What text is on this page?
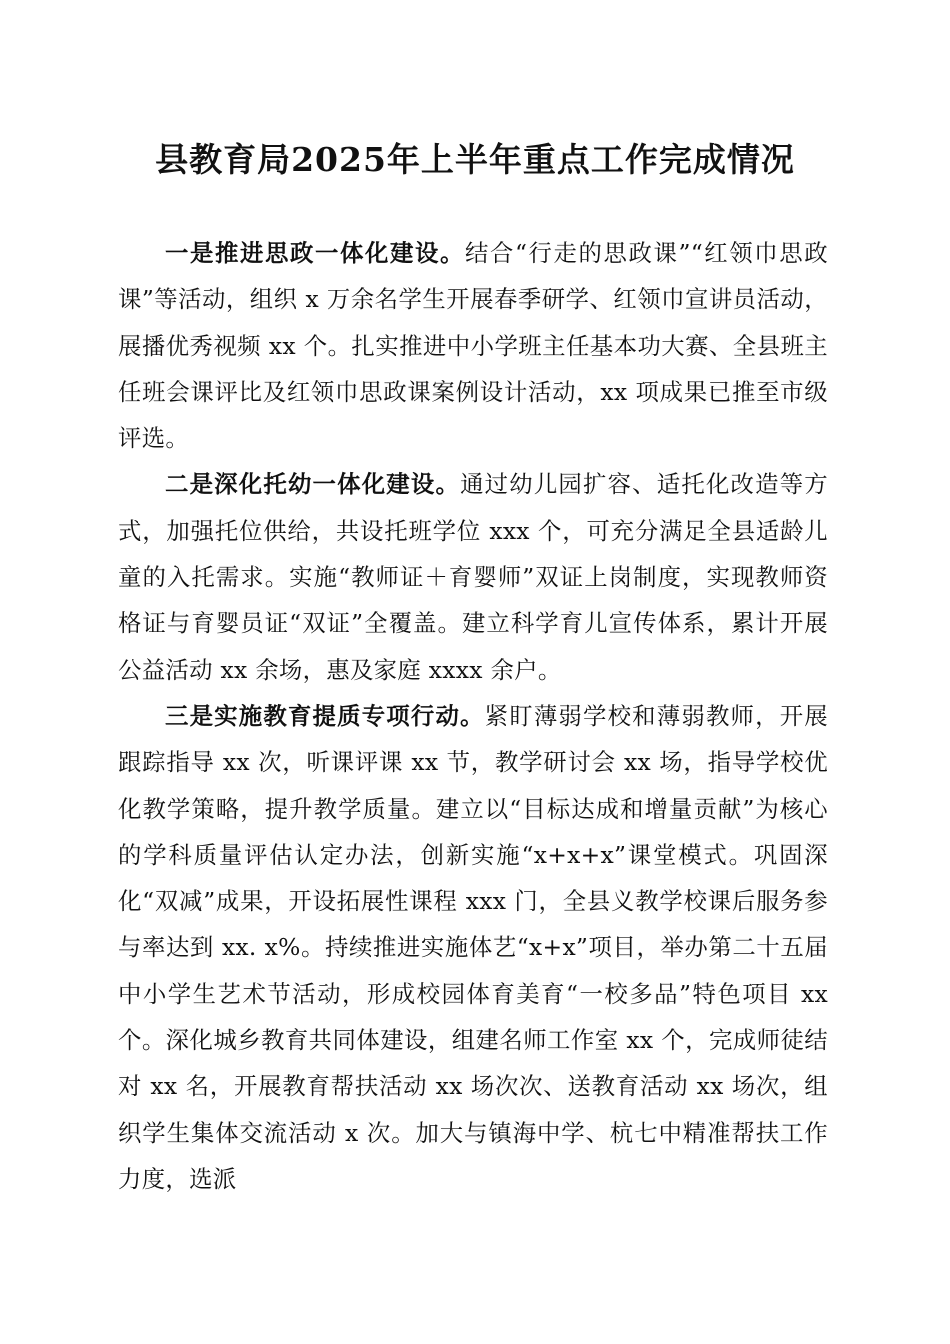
县教育局2025年上半年重点工作完成情况

一是推进思政一体化建设。结合“行走的思政课”“红领巾思政课”等活动，组织 x 万余名学生开展春季研学、红领巾宣讲员活动，展播优秀视频 xx 个。扎实推进中小学班主任基本功大赛、全县班主任班会课评比及红领巾思政课案例设计活动，xx 项成果已推至市级评选。

二是深化托幼一体化建设。通过幼儿园扩容、适托化改造等方式，加强托位供给，共设托班学位 xxx 个，可充分满足全县适龄儿童的入托需求。实施“教师证＋育婴师”双证上岗制度，实现教师资格证与育婴员证“双证”全覆盖。建立科学育儿宣传体系，累计开展公益活动 xx 余场，惠及家庭 xxxx 余户。

三是实施教育提质专项行动。紧盯薄弱学校和薄弱教师，开展跟踪指导 xx 次，听课评课 xx 节，教学研讨会 xx 场，指导学校优化教学策略，提升教学质量。建立以“目标达成和增量贡献”为核心的学科质量评估认定办法，创新实施“x+x+x”课堂模式。巩固深化“双减”成果，开设拓展性课程 xxx 门，全县义教学校课后服务参与率达到 xx. x%。持续推进实施体艺“x+x”项目，举办第二十五届中小学生艺术节活动，形成校园体育美育“一校多品”特色项目 xx 个。深化城乡教育共同体建设，组建名师工作室 xx 个，完成师徒结对 xx 名，开展教育帮扶活动 xx 场次次、送教育活动 xx 场次，组织学生集体交流活动 x 次。加大与镇海中学、杭七中精准帮扶工作力度，选派
